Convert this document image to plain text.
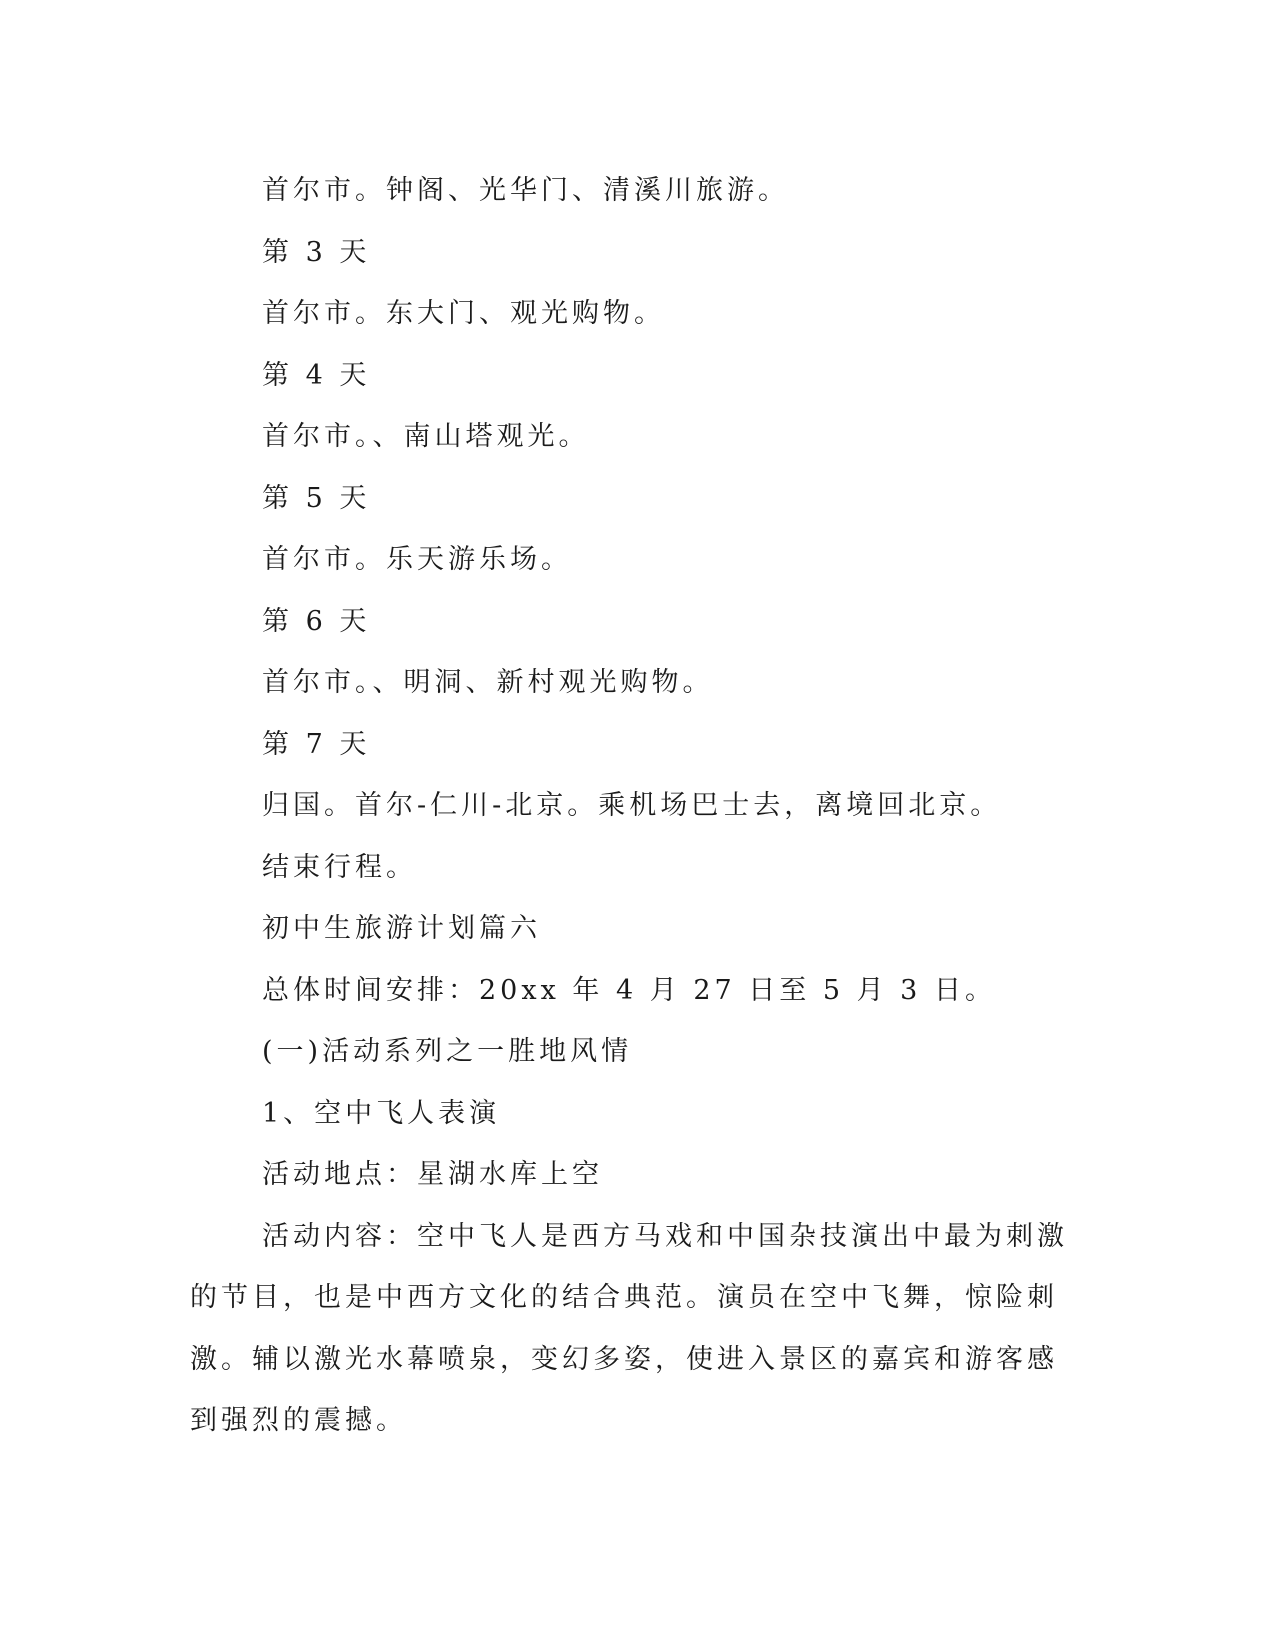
首尔市。钟阁、光华门、清溪川旅游。

第 3 天

首尔市。东大门、观光购物。

第 4 天

首尔市。、南山塔观光。

第 5 天

首尔市。乐天游乐场。

第 6 天

首尔市。、明洞、新村观光购物。

第 7 天

归国。首尔-仁川-北京。乘机场巴士去，离境回北京。

结束行程。

初中生旅游计划篇六

总体时间安排：20xx 年 4 月 27 日至 5 月 3 日。

(一)活动系列之一胜地风情

1、空中飞人表演

活动地点：星湖水库上空

活动内容：空中飞人是西方马戏和中国杂技演出中最为刺激的节目，也是中西方文化的结合典范。演员在空中飞舞，惊险刺激。辅以激光水幕喷泉，变幻多姿，使进入景区的嘉宾和游客感到强烈的震撼。
